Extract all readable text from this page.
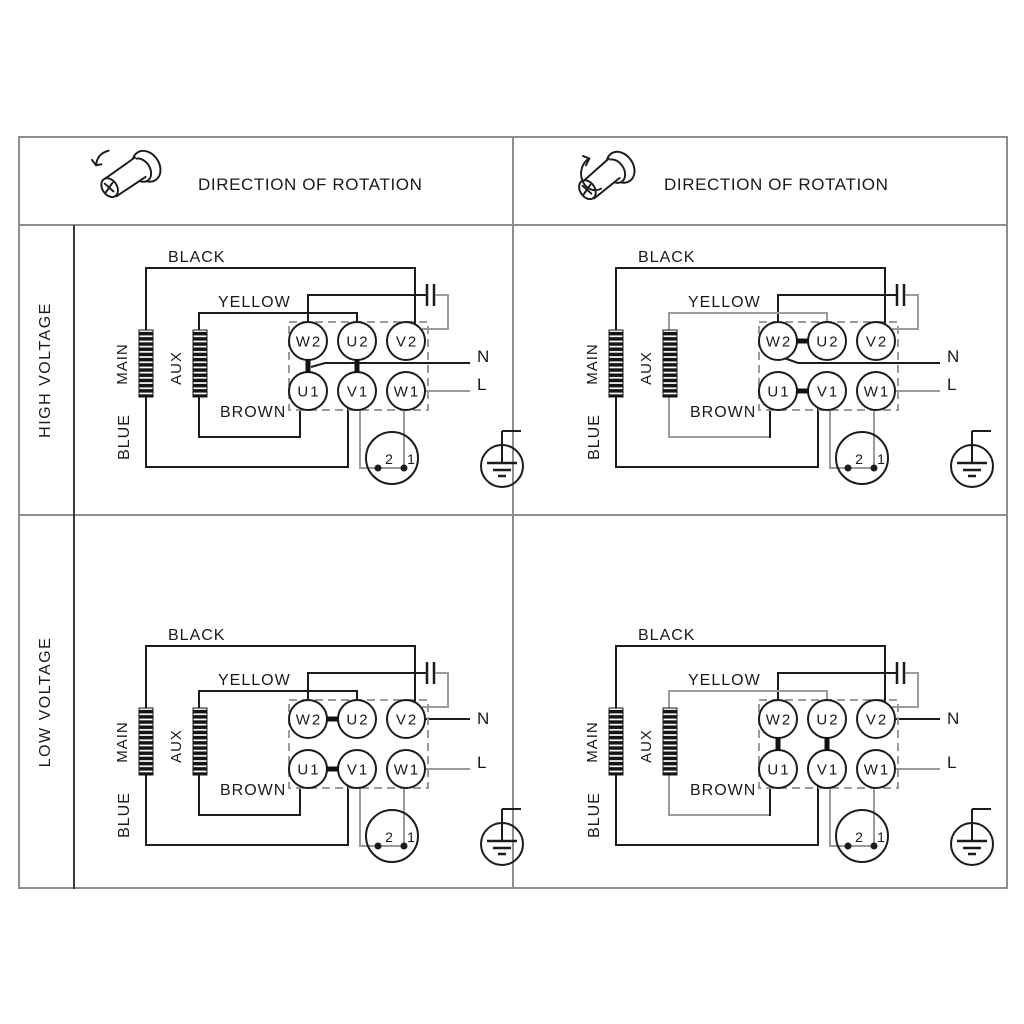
DIRECTION OF ROTATION	DIRECTION OF ROTATION
HIGH VOLTAGE
LOW VOLTAGE
N
L
W2 U2 V2
U1 V1 W1
BLACK
YELLOW
BROWN
MAIN AUX
BLUE	2 1
N
L
W2 U2 V2
U1 V1 W1
BLACK
YELLOW
BROWN
MAIN AUX
BLUE	2 1
N
L
W2 U2 V2
U1 V1 W1
BLACK
YELLOW
BROWN
MAIN AUX
BLUE	2 1
N
L
W2 U2 V2
U1 V1 W1
BLACK
YELLOW
BROWN
MAIN AUX
BLUE	2 1
